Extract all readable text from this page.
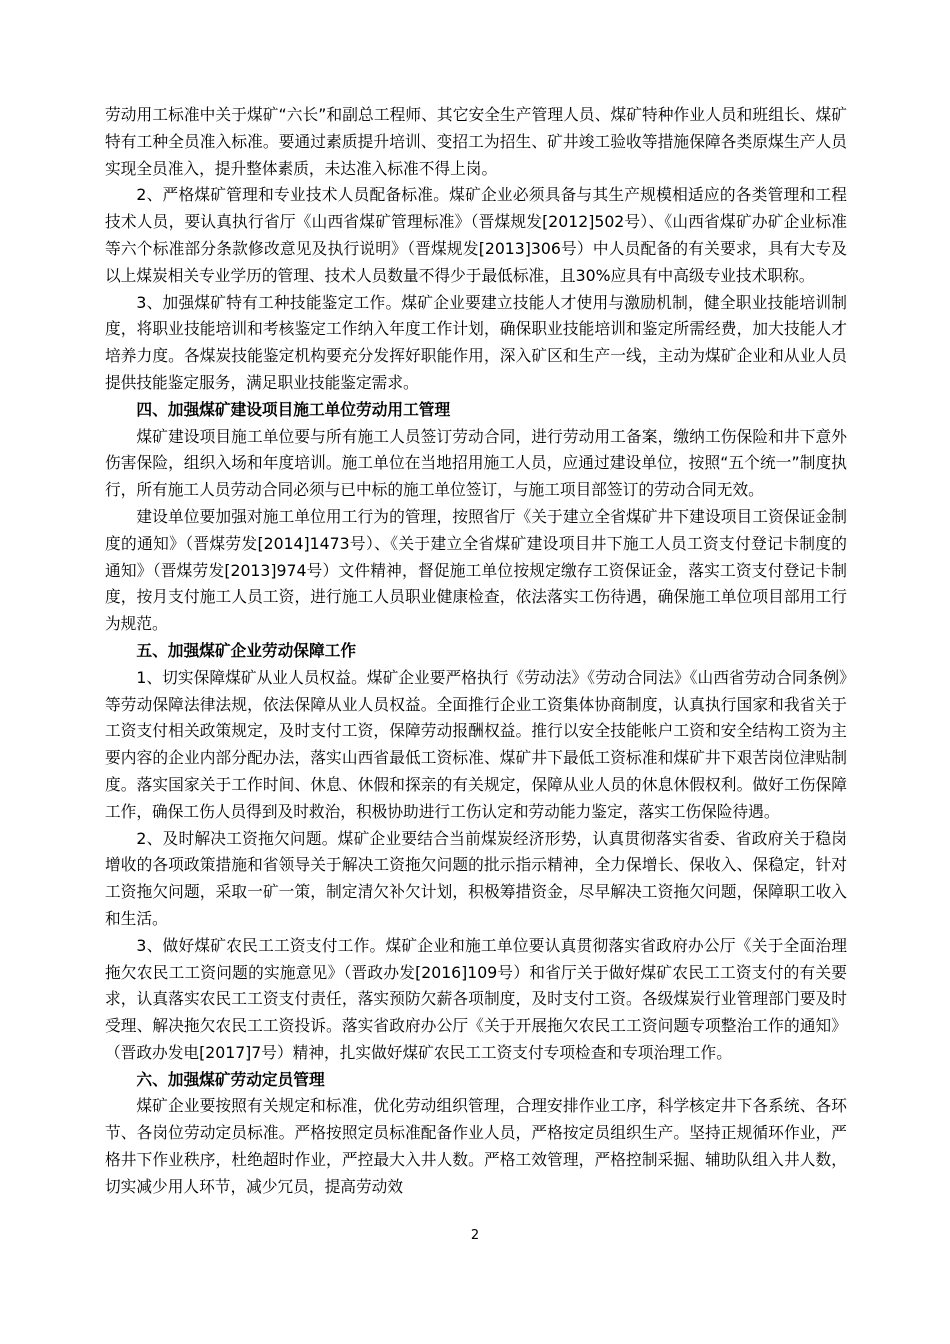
劳动用工标准中关于煤矿“六长”和副总工程师、其它安全生产管理人员、煤矿特种作业人员和班组长、煤矿特有工种全员准入标准。要通过素质提升培训、变招工为招生、矿井竣工验收等措施保障各类原煤生产人员实现全员准入，提升整体素质，未达准入标准不得上岗。

2、严格煤矿管理和专业技术人员配备标准。煤矿企业必须具备与其生产规模相适应的各类管理和工程技术人员，要认真执行省厅《山西省煤矿管理标准》（晋煤规发[2012]502号）、《山西省煤矿办矿企业标准等六个标准部分条款修改意见及执行说明》（晋煤规发[2013]306号）中人员配备的有关要求，具有大专及以上煤炭相关专业学历的管理、技术人员数量不得少于最低标准，且30%应具有中高级专业技术职称。

3、加强煤矿特有工种技能鉴定工作。煤矿企业要建立技能人才使用与激励机制，健全职业技能培训制度，将职业技能培训和考核鉴定工作纳入年度工作计划，确保职业技能培训和鉴定所需经费，加大技能人才培养力度。各煤炭技能鉴定机构要充分发挥好职能作用，深入矿区和生产一线，主动为煤矿企业和从业人员提供技能鉴定服务，满足职业技能鉴定需求。

四、加强煤矿建设项目施工单位劳动用工管理

煤矿建设项目施工单位要与所有施工人员签订劳动合同，进行劳动用工备案，缴纳工伤保险和井下意外伤害保险，组织入场和年度培训。施工单位在当地招用施工人员，应通过建设单位，按照“五个统一”制度执行，所有施工人员劳动合同必须与已中标的施工单位签订，与施工项目部签订的劳动合同无效。

建设单位要加强对施工单位用工行为的管理，按照省厅《关于建立全省煤矿井下建设项目工资保证金制度的通知》（晋煤劳发[2014]1473号）、《关于建立全省煤矿建设项目井下施工人员工资支付登记卡制度的通知》（晋煤劳发[2013]974号）文件精神，督促施工单位按规定缴存工资保证金，落实工资支付登记卡制度，按月支付施工人员工资，进行施工人员职业健康检查，依法落实工伤待遇，确保施工单位项目部用工行为规范。

五、加强煤矿企业劳动保障工作

1、切实保障煤矿从业人员权益。煤矿企业要严格执行《劳动法》《劳动合同法》《山西省劳动合同条例》等劳动保障法律法规，依法保障从业人员权益。全面推行企业工资集体协商制度，认真执行国家和我省关于工资支付相关政策规定，及时支付工资，保障劳动报酬权益。推行以安全技能帐户工资和安全结构工资为主要内容的企业内部分配办法，落实山西省最低工资标准、煤矿井下最低工资标准和煤矿井下艰苦岗位津贴制度。落实国家关于工作时间、休息、休假和探亲的有关规定，保障从业人员的休息休假权利。做好工伤保障工作，确保工伤人员得到及时救治，积极协助进行工伤认定和劳动能力鉴定，落实工伤保险待遇。

2、及时解决工资拖欠问题。煤矿企业要结合当前煤炭经济形势，认真贯彻落实省委、省政府关于稳岗增收的各项政策措施和省领导关于解决工资拖欠问题的批示指示精神，全力保增长、保收入、保稳定，针对工资拖欠问题，采取一矿一策，制定清欠补欠计划，积极筹措资金，尽早解决工资拖欠问题，保障职工收入和生活。

3、做好煤矿农民工工资支付工作。煤矿企业和施工单位要认真贯彻落实省政府办公厅《关于全面治理拖欠农民工工资问题的实施意见》（晋政办发[2016]109号）和省厅关于做好煤矿农民工工资支付的有关要求，认真落实农民工工资支付责任，落实预防欠薪各项制度，及时支付工资。各级煤炭行业管理部门要及时受理、解决拖欠农民工工资投诉。落实省政府办公厅《关于开展拖欠农民工工资问题专项整治工作的通知》（晋政办发电[2017]7号）精神，扎实做好煤矿农民工工资支付专项检查和专项治理工作。

六、加强煤矿劳动定员管理

煤矿企业要按照有关规定和标准，优化劳动组织管理，合理安排作业工序，科学核定井下各系统、各环节、各岗位劳动定员标准。严格按照定员标准配备作业人员，严格按定员组织生产。坚持正规循环作业，严格井下作业秩序，杜绝超时作业，严控最大入井人数。严格工效管理，严格控制采掘、辅助队组入井人数，切实减少用人环节，减少冗员，提高劳动效

2
